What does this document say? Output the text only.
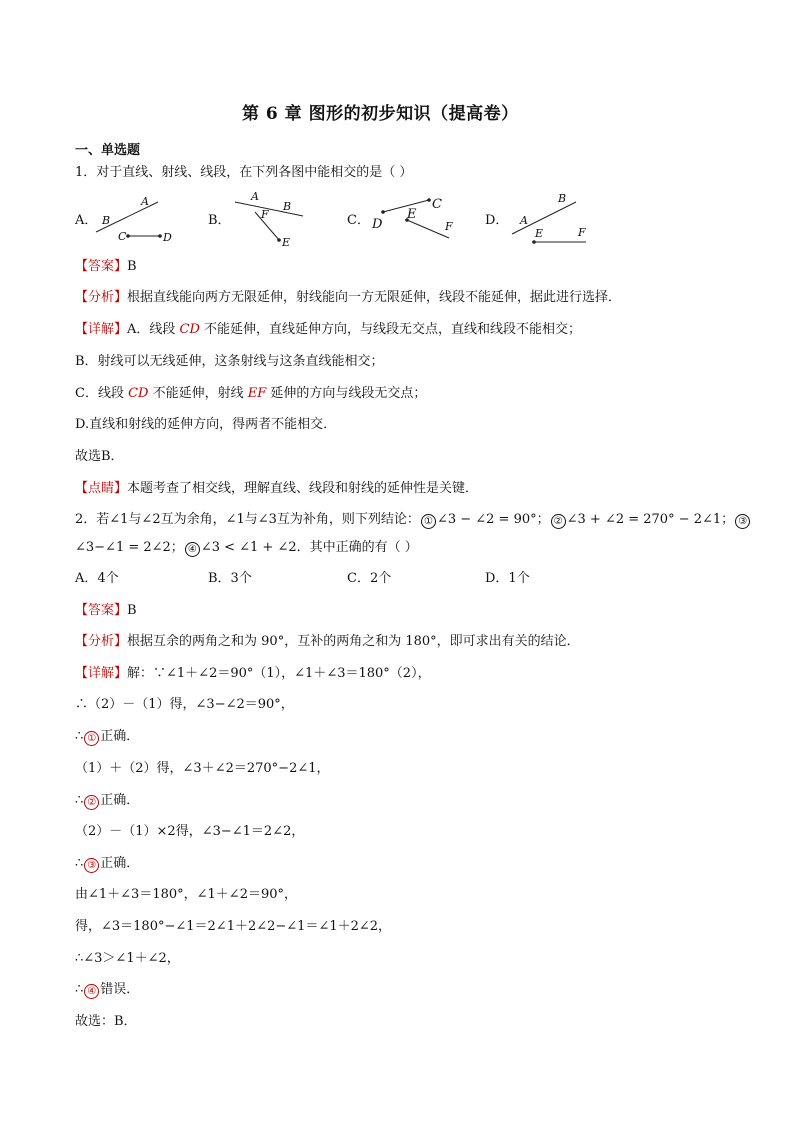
第 6 章 图形的初步知识（提高卷）
一、单选题
1．对于直线、射线、线段，在下列各图中能相交的是（ ）
A．
A
B
C	D
B．
A
B
F
E
C．
C
D
E
F D．
B
A
E	F
【答案】B
【分析】根据直线能向两方无限延伸，射线能向一方无限延伸，线段不能延伸，据此进行选择．
【详解】A．线段 CD 不能延伸，直线延伸方向，与线段无交点，直线和线段不能相交；
B．射线可以无线延伸，这条射线与这条直线能相交；
C．线段 CD 不能延伸，射线 EF 延伸的方向与线段无交点；
D.直线和射线的延伸方向，得两者不能相交．
故选B．
【点睛】本题考查了相交线，理解直线、线段和射线的延伸性是关键．
2．若∠1与∠2互为余角，∠1与∠3互为补角，则下列结论： ① ∠3 − ∠2 = 90°； ② ∠3 + ∠2 = 270° − 2∠1； ③
∠3−∠1 = 2∠2； ④ ∠3 < ∠1 + ∠2．其中正确的有（ ）
A．4个	B．3个	C．2个	D．1个
【答案】B
【分析】根据互余的两角之和为 90°，互补的两角之和为 180°，即可求出有关的结论．
【详解】解：∵∠1＋∠2＝90°（1），∠1＋∠3＝180°（2），
∴（2）－（1）得，∠3−∠2＝90°，
∴ ① 正确．
（1）＋（2）得，∠3＋∠2＝270°−2∠1，
∴ ② 正确．
（2）－（1）×2得，∠3−∠1＝2∠2，
∴ ③ 正确．
由∠1＋∠3＝180°，∠1＋∠2＝90°，
得，∠3＝180°−∠1＝2∠1＋2∠2−∠1＝∠1＋2∠2，
∴∠3＞∠1＋∠2，
∴ ④ 错误．
故选：B．
